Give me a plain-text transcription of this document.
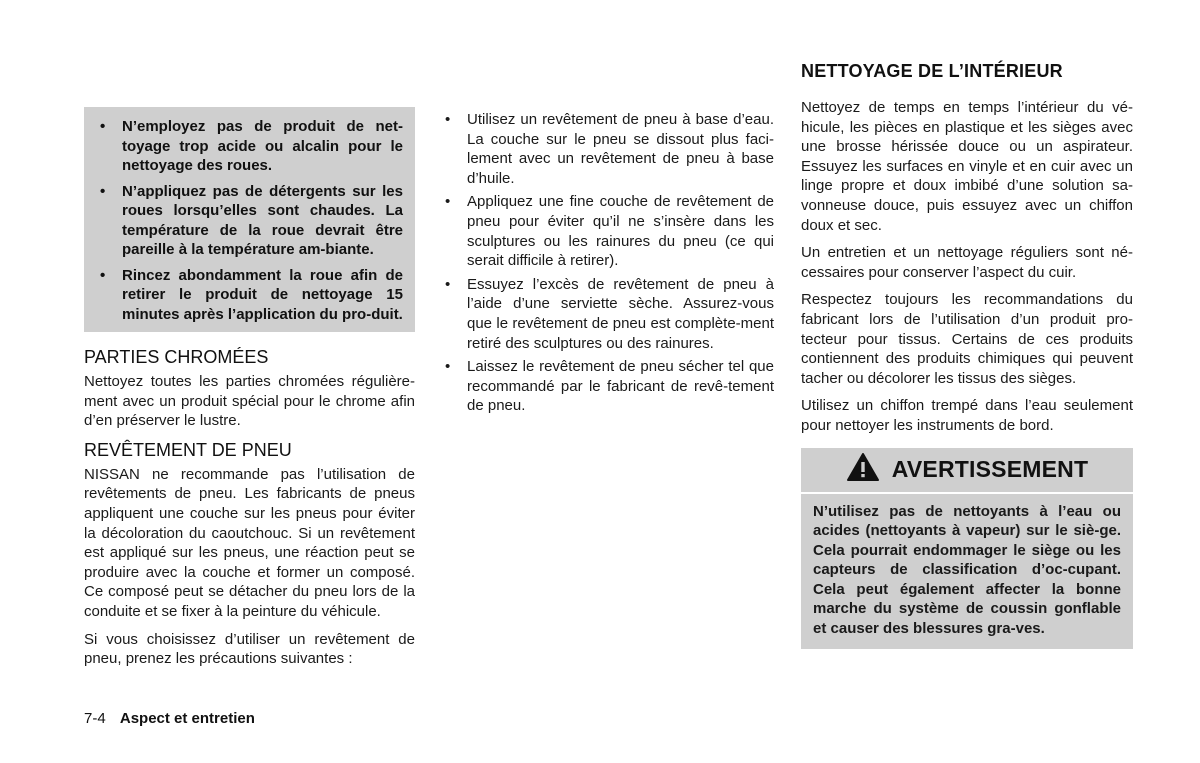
• N’employez pas de produit de net-toyage trop acide ou alcalin pour le nettoyage des roues.
• N’appliquez pas de détergents sur les roues lorsqu’elles sont chaudes. La température de la roue devrait être pareille à la température am-biante.
• Rincez abondamment la roue afin de retirer le produit de nettoyage 15 minutes après l’application du pro-duit.
PARTIES CHROMÉES

Nettoyez toutes les parties chromées régulière-ment avec un produit spécial pour le chrome afin d’en préserver le lustre.

REVÊTEMENT DE PNEU

NISSAN ne recommande pas l’utilisation de revêtements de pneu. Les fabricants de pneus appliquent une couche sur les pneus pour éviter la décoloration du caoutchouc. Si un revêtement est appliqué sur les pneus, une réaction peut se produire avec la couche et former un composé. Ce composé peut se détacher du pneu lors de la conduite et se fixer à la peinture du véhicule.

Si vous choisissez d’utiliser un revêtement de pneu, prenez les précautions suivantes :

• Utilisez un revêtement de pneu à base d’eau. La couche sur le pneu se dissout plus faci-lement avec un revêtement de pneu à base d’huile.
• Appliquez une fine couche de revêtement de pneu pour éviter qu’il ne s’insère dans les sculptures ou les rainures du pneu (ce qui serait difficile à retirer).
• Essuyez l’excès de revêtement de pneu à l’aide d’une serviette sèche. Assurez-vous que le revêtement de pneu est complète-ment retiré des sculptures ou des rainures.
• Laissez le revêtement de pneu sécher tel que recommandé par le fabricant de revê-tement de pneu.
NETTOYAGE DE L’INTÉRIEUR

Nettoyez de temps en temps l’intérieur du vé-hicule, les pièces en plastique et les sièges avec une brosse hérissée douce ou un aspirateur. Essuyez les surfaces en vinyle et en cuir avec un linge propre et doux imbibé d’une solution sa-vonneuse douce, puis essuyez avec un chiffon doux et sec.

Un entretien et un nettoyage réguliers sont né-cessaires pour conserver l’aspect du cuir.

Respectez toujours les recommandations du fabricant lors de l’utilisation d’un produit pro-tecteur pour tissus. Certains de ces produits contiennent des produits chimiques qui peuvent tacher ou décolorer les tissus des sièges.

Utilisez un chiffon trempé dans l’eau seulement pour nettoyer les instruments de bord.

AVERTISSEMENT
N’utilisez pas de nettoyants à l’eau ou acides (nettoyants à vapeur) sur le siè-ge. Cela pourrait endommager le siège ou les capteurs de classification d’oc-cupant. Cela peut également affecter la bonne marche du système de coussin gonflable et causer des blessures gra-ves.
7-4 Aspect et entretien
